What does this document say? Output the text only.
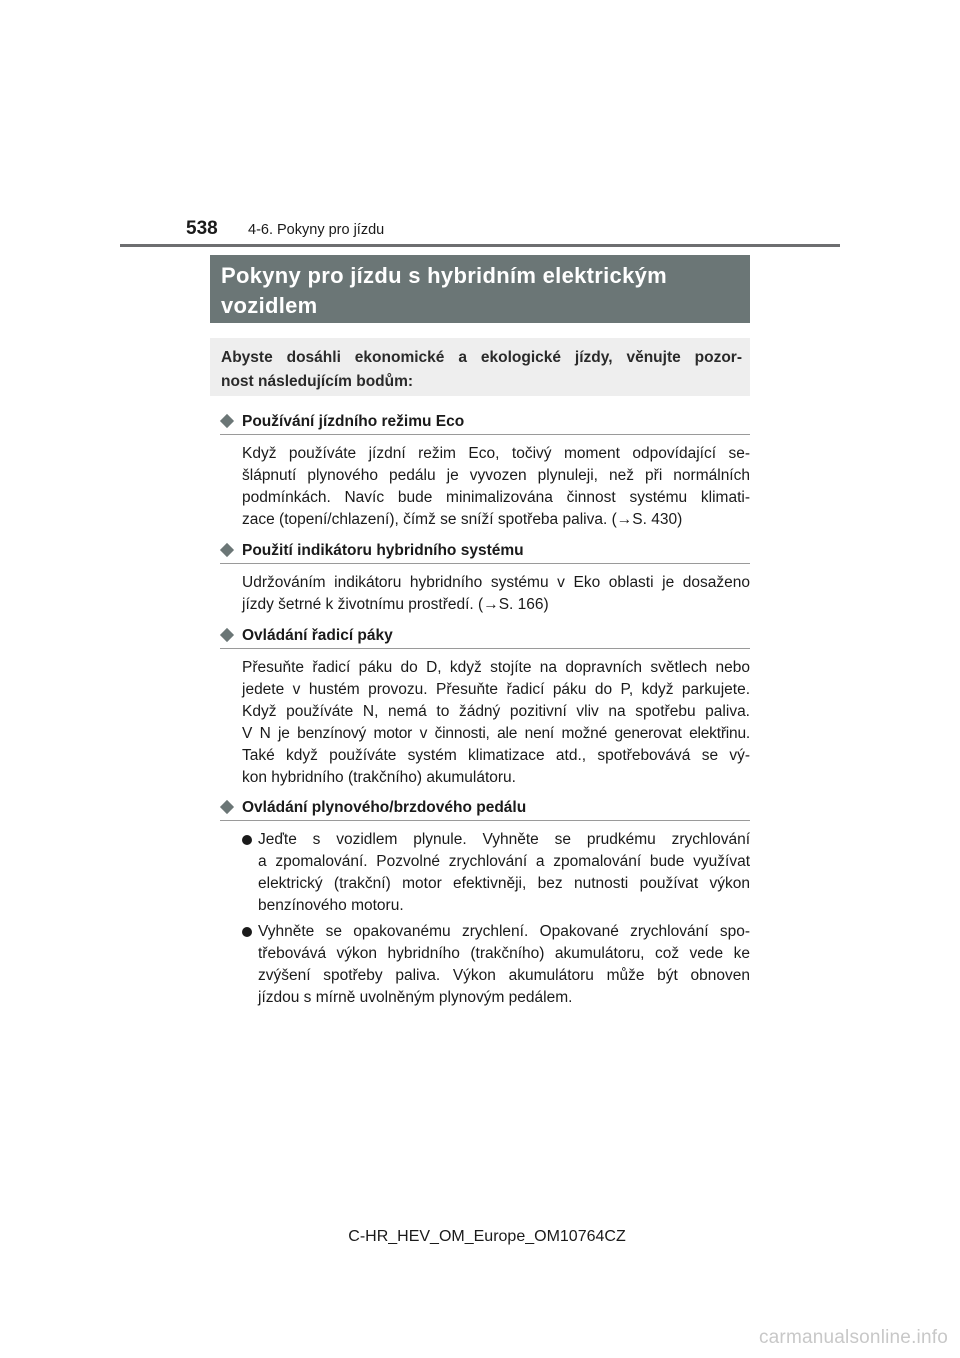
538 4-6. Pokyny pro jízdu
Pokyny pro jízdu s hybridním elektrickým
vozidlem
Abyste dosáhli ekonomické a ekologické jízdy, věnujte pozor-
nost následujícím bodům:
Používání jízdního režimu Eco
Když používáte jízdní režim Eco, točivý moment odpovídající se-
šlápnutí plynového pedálu je vyvozen plynuleji, než při normálních
podmínkách. Navíc bude minimalizována činnost systému klimati-
zace (topení/chlazení), čímž se sníží spotřeba paliva. (→S. 430)
Použití indikátoru hybridního systému
Udržováním indikátoru hybridního systému v Eko oblasti je dosaženo
jízdy šetrné k životnímu prostředí. (→S. 166)
Ovládání řadicí páky
Přesuňte řadicí páku do D, když stojíte na dopravních světlech nebo
jedete v hustém provozu. Přesuňte řadicí páku do P, když parkujete.
Když používáte N, nemá to žádný pozitivní vliv na spotřebu paliva.
V N je benzínový motor v činnosti, ale není možné generovat elektřinu.
Také když používáte systém klimatizace atd., spotřebovává se vý-
kon hybridního (trakčního) akumulátoru.
Ovládání plynového/brzdového pedálu
Jeďte s vozidlem plynule. Vyhněte se prudkému zrychlování
a zpomalování. Pozvolné zrychlování a zpomalování bude využívat
elektrický (trakční) motor efektivněji, bez nutnosti používat výkon
benzínového motoru.
Vyhněte se opakovanému zrychlení. Opakované zrychlování spo-
třebovává výkon hybridního (trakčního) akumulátoru, což vede ke
zvýšení spotřeby paliva. Výkon akumulátoru může být obnoven
jízdou s mírně uvolněným plynovým pedálem.
C-HR_HEV_OM_Europe_OM10764CZ
carmanualsonline.info
